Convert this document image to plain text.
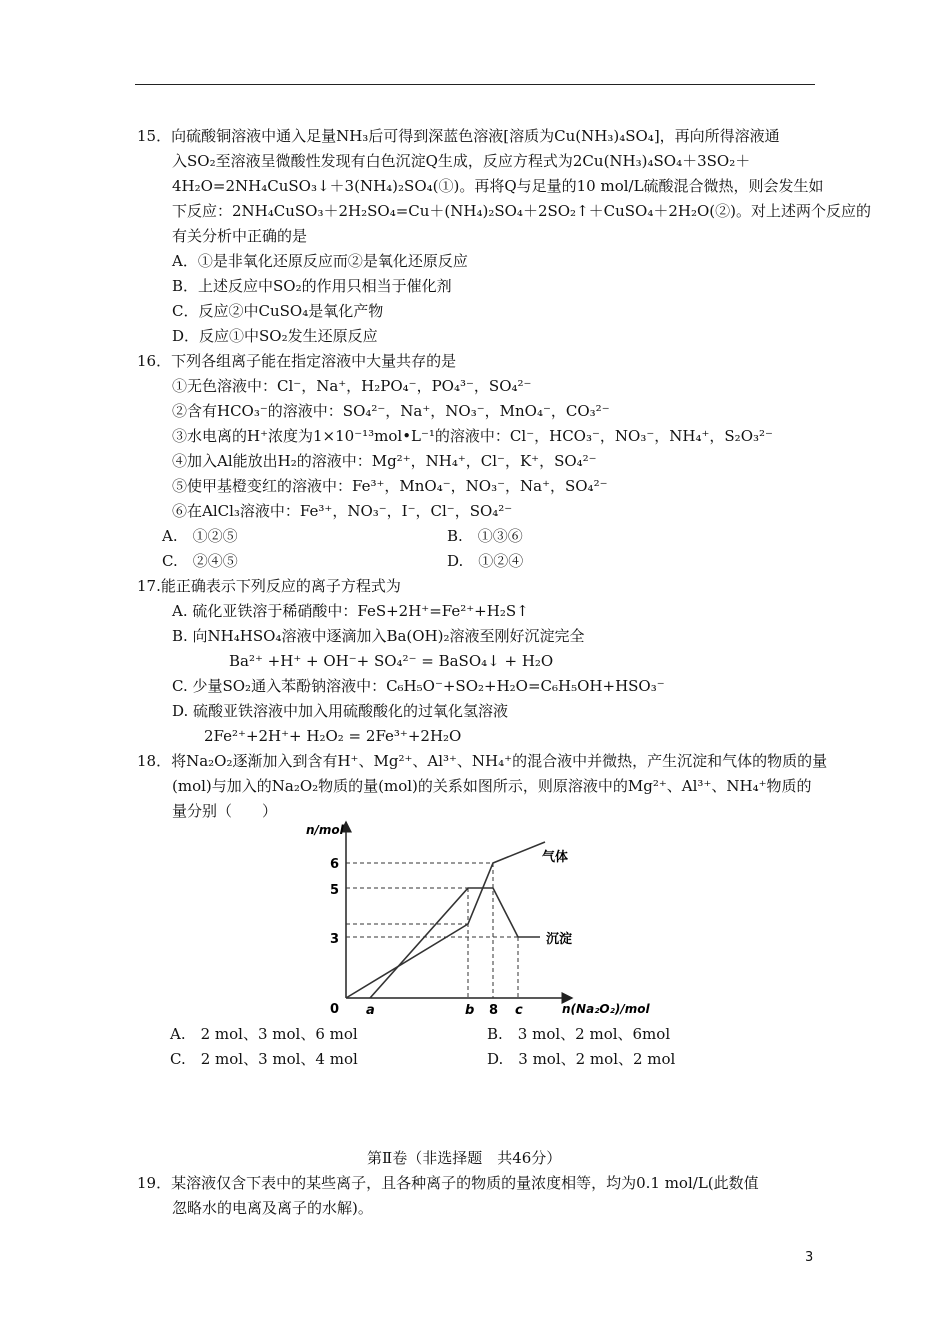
15．向硫酸铜溶液中通入足量NH₃后可得到深蓝色溶液[溶质为Cu(NH₃)₄SO₄]，再向所得溶液通
入SO₂至溶液呈微酸性发现有白色沉淀Q生成，反应方程式为2Cu(NH₃)₄SO₄＋3SO₂＋
4H₂O=2NH₄CuSO₃↓＋3(NH₄)₂SO₄(①)。再将Q与足量的10 mol/L硫酸混合微热，则会发生如
下反应：2NH₄CuSO₃＋2H₂SO₄=Cu＋(NH₄)₂SO₄＋2SO₂↑＋CuSO₄＋2H₂O(②)。对上述两个反应的
有关分析中正确的是
A．①是非氧化还原反应而②是氧化还原反应
B．上述反应中SO₂的作用只相当于催化剂
C．反应②中CuSO₄是氧化产物
D．反应①中SO₂发生还原反应
16．下列各组离子能在指定溶液中大量共存的是
①无色溶液中：Cl⁻，Na⁺，H₂PO₄⁻，PO₄³⁻，SO₄²⁻
②含有HCO₃⁻的溶液中：SO₄²⁻，Na⁺，NO₃⁻，MnO₄⁻，CO₃²⁻
③水电离的H⁺浓度为1×10⁻¹³mol•L⁻¹的溶液中：Cl⁻，HCO₃⁻，NO₃⁻，NH₄⁺，S₂O₃²⁻
④加入Al能放出H₂的溶液中：Mg²⁺，NH₄⁺，Cl⁻，K⁺，SO₄²⁻
⑤使甲基橙变红的溶液中：Fe³⁺，MnO₄⁻，NO₃⁻，Na⁺，SO₄²⁻
⑥在AlCl₃溶液中：Fe³⁺，NO₃⁻，I⁻，Cl⁻，SO₄²⁻
A.　①②⑤	B.　①③⑥
C.　②④⑤	D.　①②④
17.能正确表示下列反应的离子方程式为
A. 硫化亚铁溶于稀硝酸中：FeS+2H⁺=Fe²⁺+H₂S↑
B. 向NH₄HSO₄溶液中逐滴加入Ba(OH)₂溶液至刚好沉淀完全
Ba²⁺ +H⁺ + OH⁻+ SO₄²⁻ = BaSO₄↓ + H₂O
C. 少量SO₂通入苯酚钠溶液中：C₆H₅O⁻+SO₂+H₂O=C₆H₅OH+HSO₃⁻
D. 硫酸亚铁溶液中加入用硫酸酸化的过氧化氢溶液
2Fe²⁺+2H⁺+ H₂O₂ = 2Fe³⁺+2H₂O
18．将Na₂O₂逐渐加入到含有H⁺、Mg²⁺、Al³⁺、NH₄⁺的混合液中并微热，产生沉淀和气体的物质的量
(mol)与加入的Na₂O₂物质的量(mol)的关系如图所示，则原溶液中的Mg²⁺、Al³⁺、NH₄⁺物质的
量分别（　　）
n/mol
n(Na₂O₂)/mol
0
6
5
3
a	b 8 c
气体
沉淀
A.　2 mol、3 mol、6 mol	B.　3 mol、2 mol、6mol
C.　2 mol、3 mol、4 mol	D.　3 mol、2 mol、2 mol
第Ⅱ卷（非选择题　共46分）
19．某溶液仅含下表中的某些离子，且各种离子的物质的量浓度相等，均为0.1 mol/L(此数值
忽略水的电离及离子的水解)。
3
